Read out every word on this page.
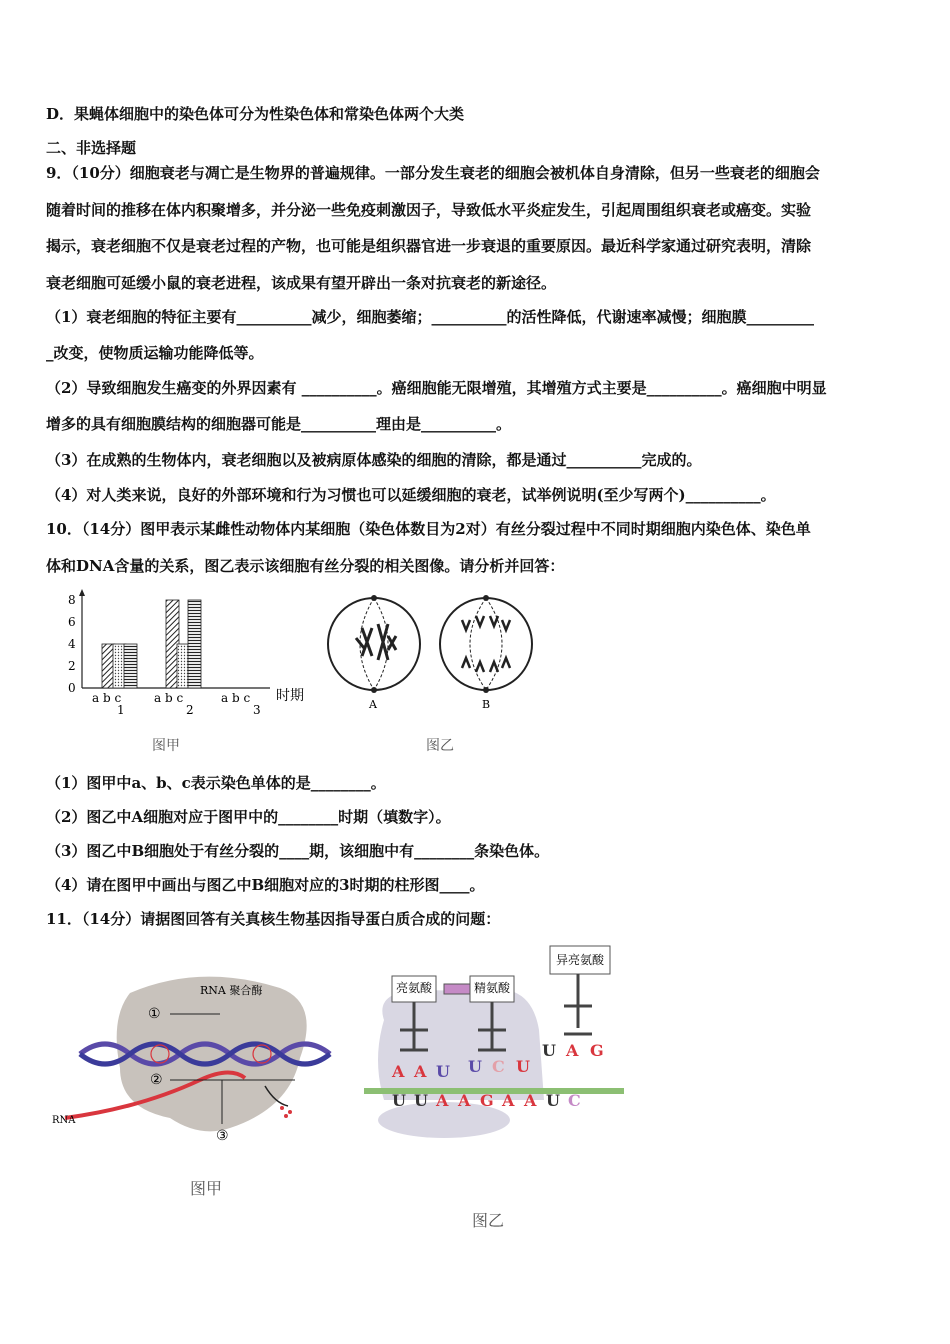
D．果蝇体细胞中的染色体可分为性染色体和常染色体两个大类
二、非选择题
9．（10分）细胞衰老与凋亡是生物界的普遍规律。一部分发生衰老的细胞会被机体自身清除，但另一些衰老的细胞会
随着时间的推移在体内积聚增多，并分泌一些免疫刺激因子，导致低水平炎症发生，引起周围组织衰老或癌变。实验
揭示，衰老细胞不仅是衰老过程的产物，也可能是组织器官进一步衰退的重要原因。最近科学家通过研究表明，清除
衰老细胞可延缓小鼠的衰老进程，该成果有望开辟出一条对抗衰老的新途径。
（1）衰老细胞的特征主要有__________减少，细胞萎缩；__________的活性降低，代谢速率减慢；细胞膜_________
_改变，使物质运输功能降低等。
（2）导致细胞发生癌变的外界因素有 __________。癌细胞能无限增殖，其增殖方式主要是__________。癌细胞中明显
增多的具有细胞膜结构的细胞器可能是__________理由是__________。
（3）在成熟的生物体内，衰老细胞以及被病原体感染的细胞的清除，都是通过__________完成的。
（4）对人类来说，良好的外部环境和行为习惯也可以延缓细胞的衰老，试举例说明(至少写两个)__________。
10．（14分）图甲表示某雌性动物体内某细胞（染色体数目为2对）有丝分裂过程中不同时期细胞内染色体、染色单
体和DNA含量的关系，图乙表示该细胞有丝分裂的相关图像。请分析并回答：
8
6
4
2
0
a b c	a b c	a b c
1	2	3
时期
A	B
图甲	图乙
（1）图甲中a、b、c表示染色单体的是________。
（2）图乙中A细胞对应于图甲中的________时期（填数字）。
（3）图乙中B细胞处于有丝分裂的____期，该细胞中有________条染色体。
（4）请在图甲中画出与图乙中B细胞对应的3时期的柱形图____。
11．（14分）请据图回答有关真核生物基因指导蛋白质合成的问题：
RNA 聚合酶
①
②
③
RNA
图甲
亮氨酸	精氨酸
异亮氨酸
A A U U C U
U A G
U U A A G A A U C
图乙
